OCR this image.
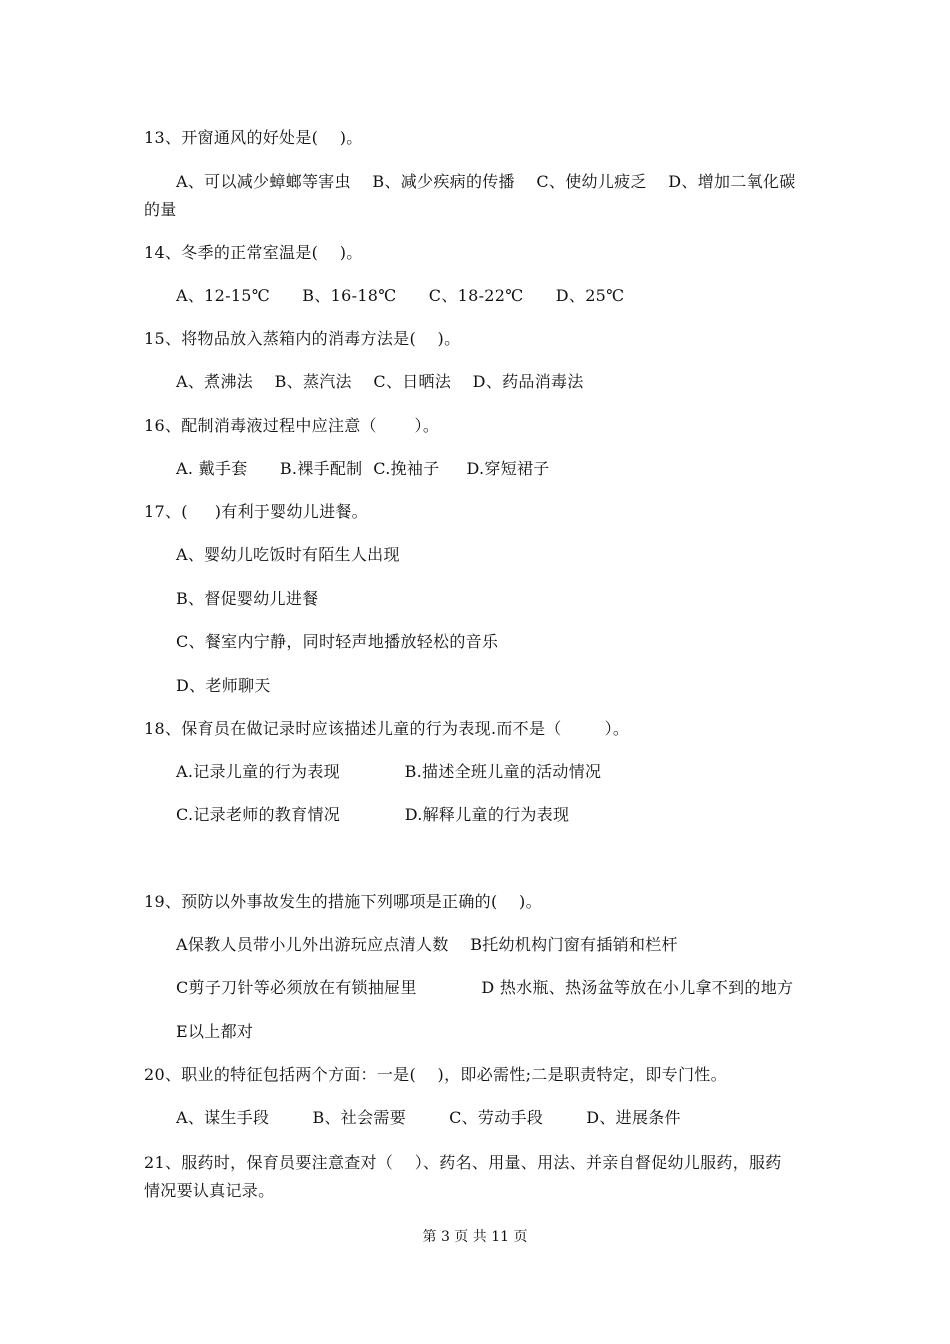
13、开窗通风的好处是(    )。

A、可以减少蟑螂等害虫    B、减少疾病的传播    C、使幼儿疲乏    D、增加二氧化碳

的量

14、冬季的正常室温是(    )。

A、12-15℃      B、16-18℃      C、18-22℃      D、25℃

15、将物品放入蒸箱内的消毒方法是(    )。

A、煮沸法    B、蒸汽法    C、日晒法    D、药品消毒法

16、配制消毒液过程中应注意（       ）。

A. 戴手套      B.裸手配制  C.挽袖子     D.穿短裙子

17、(     )有利于婴幼儿进餐。

A、婴幼儿吃饭时有陌生人出现

B、督促婴幼儿进餐

C、餐室内宁静，同时轻声地播放轻松的音乐

D、老师聊天

18、保育员在做记录时应该描述儿童的行为表现.而不是（        ）。

A.记录儿童的行为表现            B.描述全班儿童的活动情况

C.记录老师的教育情况            D.解释儿童的行为表现

19、预防以外事故发生的措施下列哪项是正确的(    )。

A保教人员带小儿外出游玩应点清人数    B托幼机构门窗有插销和栏杆

C剪子刀针等必须放在有锁抽屉里            D 热水瓶、热汤盆等放在小儿拿不到的地方

E以上都对

20、职业的特征包括两个方面：一是(    )，即必需性;二是职责特定，即专门性。

A、谋生手段        B、社会需要        C、劳动手段        D、进展条件

21、服药时，保育员要注意查对（    ）、药名、用量、用法、并亲自督促幼儿服药，服药

情况要认真记录。

第 3 页 共 11 页
